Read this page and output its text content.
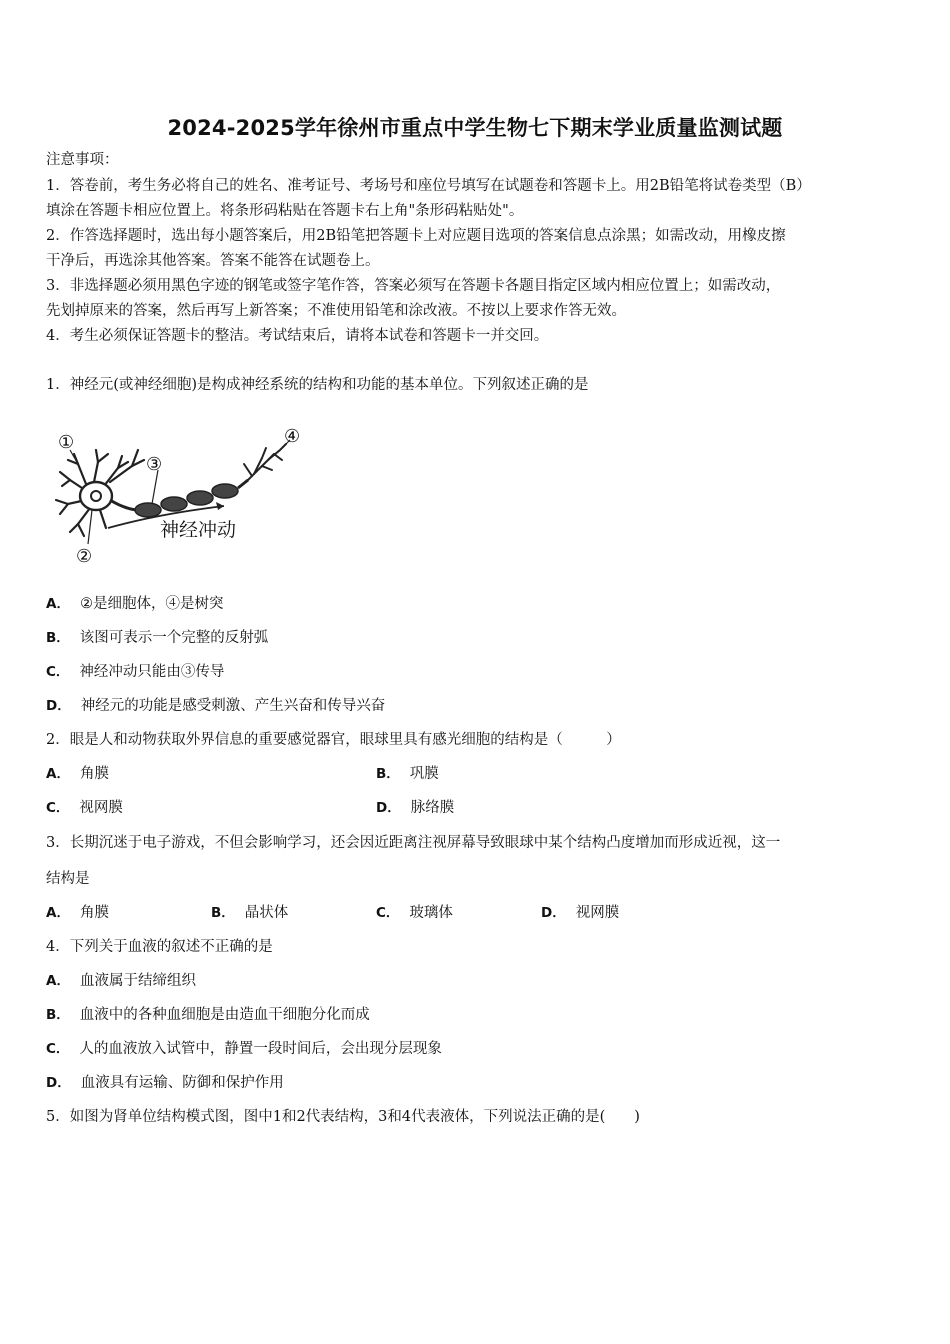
2024-2025学年徐州市重点中学生物七下期末学业质量监测试题
注意事项：
1．答卷前，考生务必将自己的姓名、准考证号、考场号和座位号填写在试题卷和答题卡上。用2B铅笔将试卷类型（B）
填涂在答题卡相应位置上。将条形码粘贴在答题卡右上角"条形码粘贴处"。
2．作答选择题时，选出每小题答案后，用2B铅笔把答题卡上对应题目选项的答案信息点涂黑；如需改动，用橡皮擦
干净后，再选涂其他答案。答案不能答在试题卷上。
3．非选择题必须用黑色字迹的钢笔或签字笔作答，答案必须写在答题卡各题目指定区域内相应位置上；如需改动，
先划掉原来的答案，然后再写上新答案；不准使用铅笔和涂改液。不按以上要求作答无效。
4．考生必须保证答题卡的整洁。考试结束后，请将本试卷和答题卡一并交回。
1．神经元(或神经细胞)是构成神经系统的结构和功能的基本单位。下列叙述正确的是
①
②
③
④
神经冲动
A． ②是细胞体，④是树突
B． 该图可表示一个完整的反射弧
C． 神经冲动只能由③传导
D． 神经元的功能是感受刺激、产生兴奋和传导兴奋
2．眼是人和动物获取外界信息的重要感觉器官，眼球里具有感光细胞的结构是（　　　）
A． 角膜	B． 巩膜
C． 视网膜	D． 脉络膜
3．长期沉迷于电子游戏，不但会影响学习，还会因近距离注视屏幕导致眼球中某个结构凸度增加而形成近视，这一
结构是
A． 角膜	B． 晶状体	C． 玻璃体	D． 视网膜
4．下列关于血液的叙述不正确的是
A． 血液属于结缔组织
B． 血液中的各种血细胞是由造血干细胞分化而成
C． 人的血液放入试管中，静置一段时间后，会出现分层现象
D． 血液具有运输、防御和保护作用
5．如图为肾单位结构模式图，图中1和2代表结构，3和4代表液体，下列说法正确的是(　　)
